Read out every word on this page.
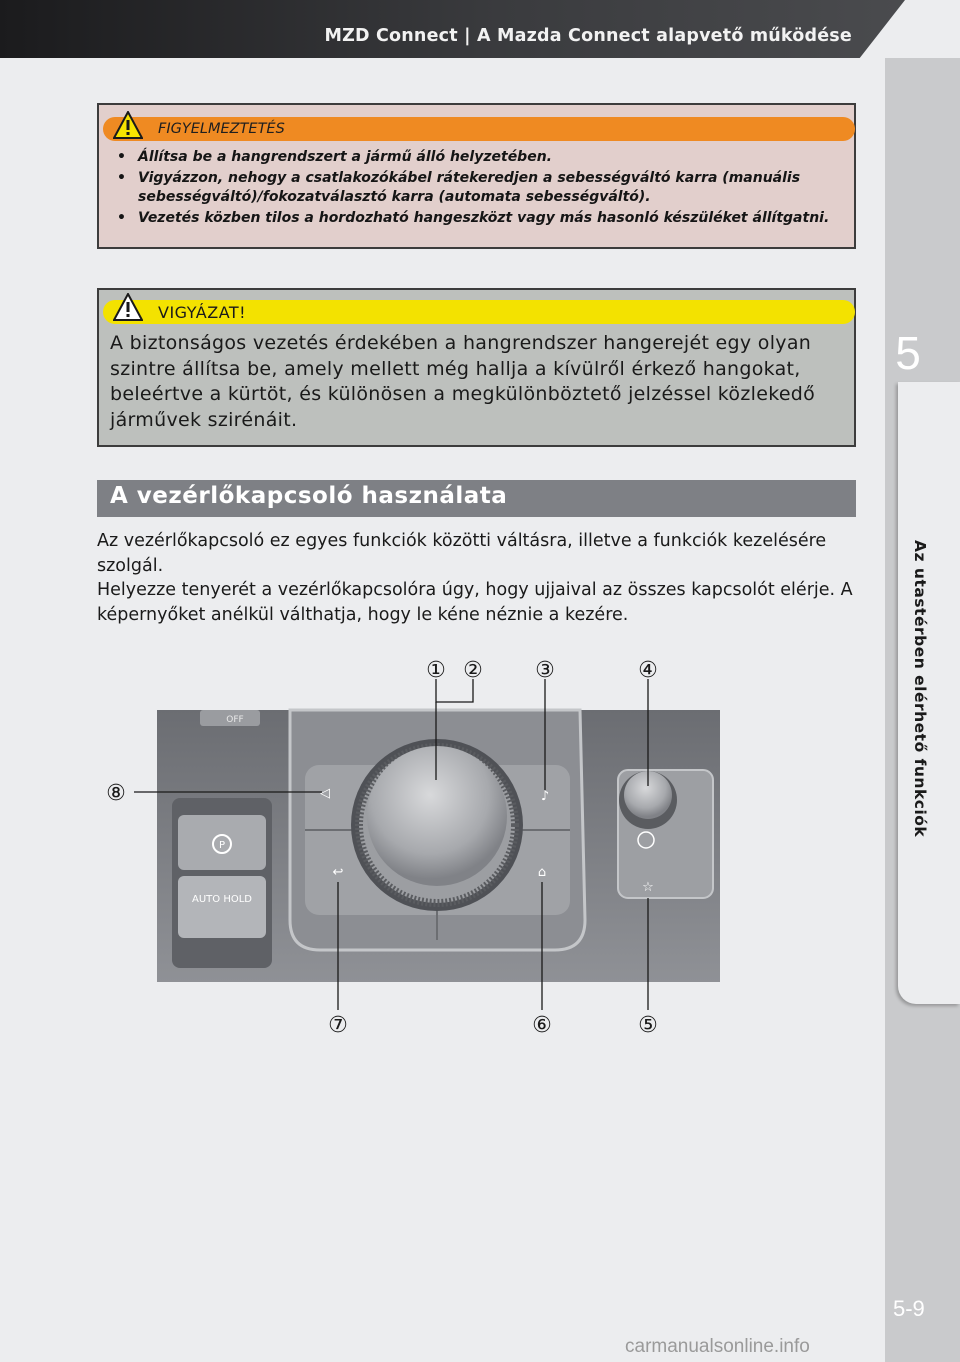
MZD Connect | A Mazda Connect alapvető működése
5
Az utastérben elérhető funkciók
5-9
FIGYELMEZTETÉS
• Állítsa be a hangrendszert a jármű álló helyzetében.
• Vigyázzon, nehogy a csatlakozókábel rátekeredjen a sebességváltó karra (manuális sebességváltó)/fokozatválasztó karra (automata sebességváltó).
• Vezetés közben tilos a hordozható hangeszközt vagy más hasonló készüléket állítgatni.
VIGYÁZAT!
A biztonságos vezetés érdekében a hangrendszer hangerejét egy olyan szintre állítsa be, amely mellett még hallja a kívülről érkező hangokat, beleértve a kürtöt, és különösen a megkülönböztető jelzéssel közlekedő járművek szirénáit.
A vezérlőkapcsoló használata
Az vezérlőkapcsoló ez egyes funkciók közötti váltásra, illetve a funkciók kezelésére szolgál.
Helyezze tenyerét a vezérlőkapcsolóra úgy, hogy ujjaival az összes kapcsolót elérje. A képernyőket anélkül válthatja, hogy le kéne néznie a kezére.
P
AUTO HOLD
OFF
◁	♪
↩	⌂
☆
① ② ③	④
⑤
⑥
⑦
⑧
carmanualsonline.info
